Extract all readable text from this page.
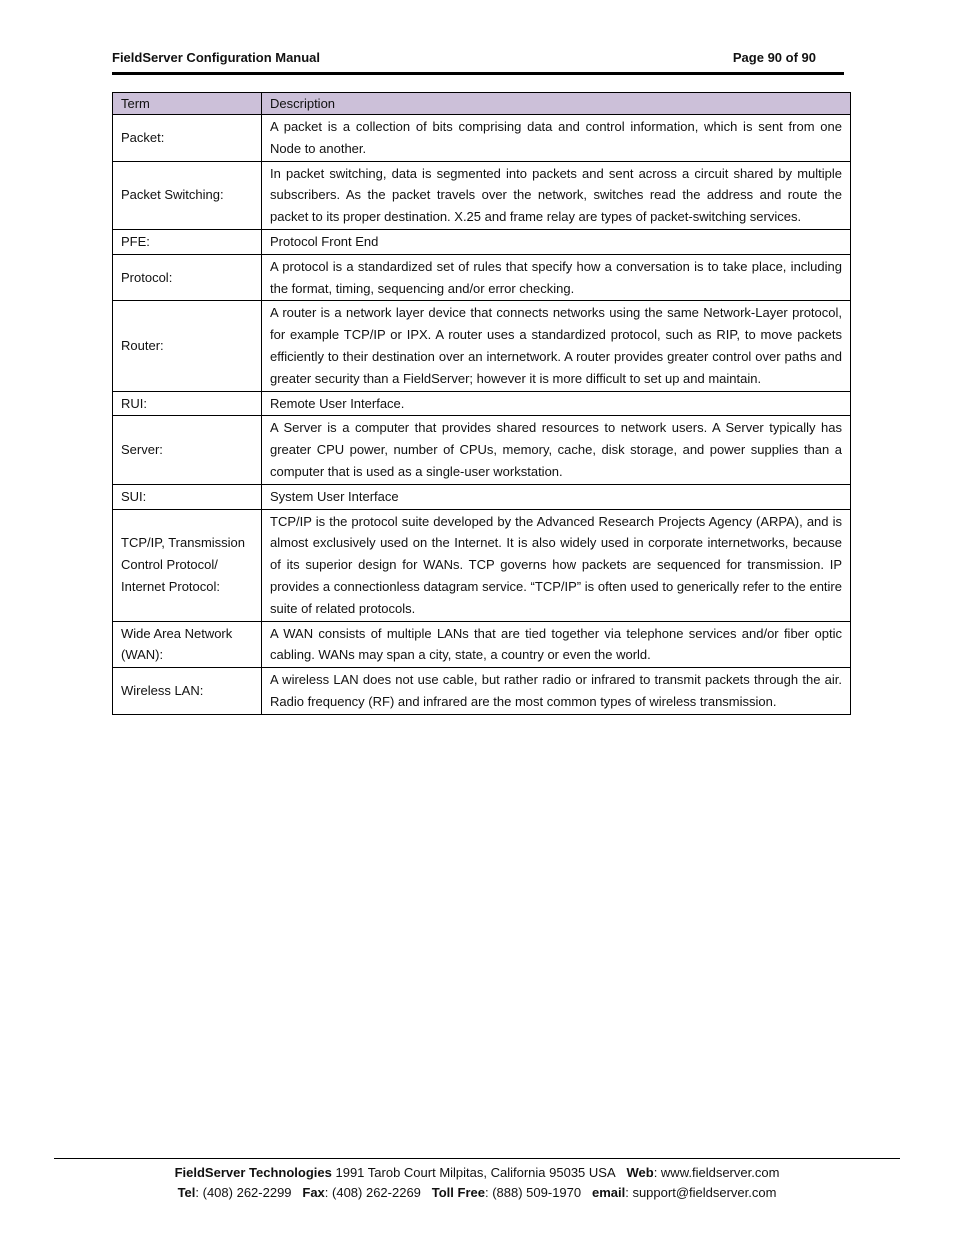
FieldServer Configuration Manual	Page 90 of 90
Term	Description
Packet:	A packet is a collection of bits comprising data and control information, which is sent from one Node to another.
Packet Switching:	In packet switching, data is segmented into packets and sent across a circuit shared by multiple subscribers. As the packet travels over the network, switches read the address and route the packet to its proper destination. X.25 and frame relay are types of packet-switching services.
PFE:	Protocol Front End
Protocol:	A protocol is a standardized set of rules that specify how a conversation is to take place, including the format, timing, sequencing and/or error checking.
Router:	A router is a network layer device that connects networks using the same Network-Layer protocol, for example TCP/IP or IPX. A router uses a standardized protocol, such as RIP, to move packets efficiently to their destination over an internetwork. A router provides greater control over paths and greater security than a FieldServer; however it is more difficult to set up and maintain.
RUI:	Remote User Interface.
Server:	A Server is a computer that provides shared resources to network users. A Server typically has greater CPU power, number of CPUs, memory, cache, disk storage, and power supplies than a computer that is used as a single-user workstation.
SUI:	System User Interface
TCP/IP, Transmission Control Protocol/ Internet Protocol:	TCP/IP is the protocol suite developed by the Advanced Research Projects Agency (ARPA), and is almost exclusively used on the Internet. It is also widely used in corporate internetworks, because of its superior design for WANs. TCP governs how packets are sequenced for transmission. IP provides a connectionless datagram service. “TCP/IP” is often used to generically refer to the entire suite of related protocols.
Wide Area Network (WAN):	A WAN consists of multiple LANs that are tied together via telephone services and/or fiber optic cabling. WANs may span a city, state, a country or even the world.
Wireless LAN:	A wireless LAN does not use cable, but rather radio or infrared to transmit packets through the air. Radio frequency (RF) and infrared are the most common types of wireless transmission.
FieldServer Technologies 1991 Tarob Court Milpitas, California 95035 USA Web: www.fieldserver.com
Tel: (408) 262-2299 Fax: (408) 262-2269 Toll Free: (888) 509-1970 email: support@fieldserver.com
